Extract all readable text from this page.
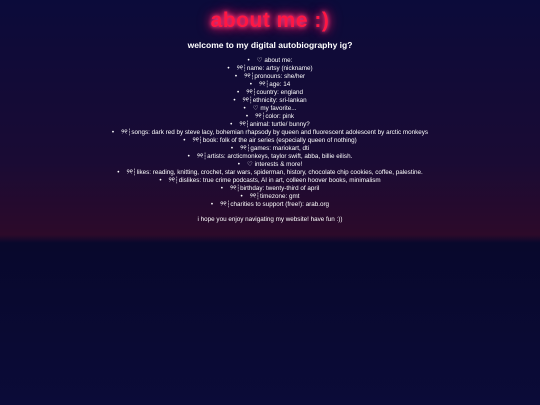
about me :)
welcome to my digital autobiography ig?
• ♡ about me:
• ୨୧┆name: artsy (nickname)
• ୨୧┆pronouns: she/her
• ୨୧┆age: 14
• ୨୧┆country: england
• ୨୧┆ethnicity: sri-lankan
• ♡ my favorite...
• ୨୧┆color: pink
• ୨୧┆animal: turtle/ bunny?
• ୨୧┆songs: dark red by steve lacy, bohemian rhapsody by queen and fluorescent adolescent by arctic monkeys
• ୨୧┆book: folk of the air series (especially queen of nothing)
• ୨୧┆games: mariokart, dti
• ୨୧┆artists: arcticmonkeys, taylor swift, abba, billie eilish.
• ♡ interests & more!
• ୨୧┆likes: reading, knitting, crochet, star wars, spiderman, history, chocolate chip cookies, coffee, palestine.
• ୨୧┆dislikes: true crime podcasts, AI in art, colleen hoover books, minimalism
• ୨୧┆birthday: twenty-third of april
• ୨୧┆timezone: gmt
• ୨୧┆charities to support (free!): arab.org
i hope you enjoy navigating my website! have fun :))
